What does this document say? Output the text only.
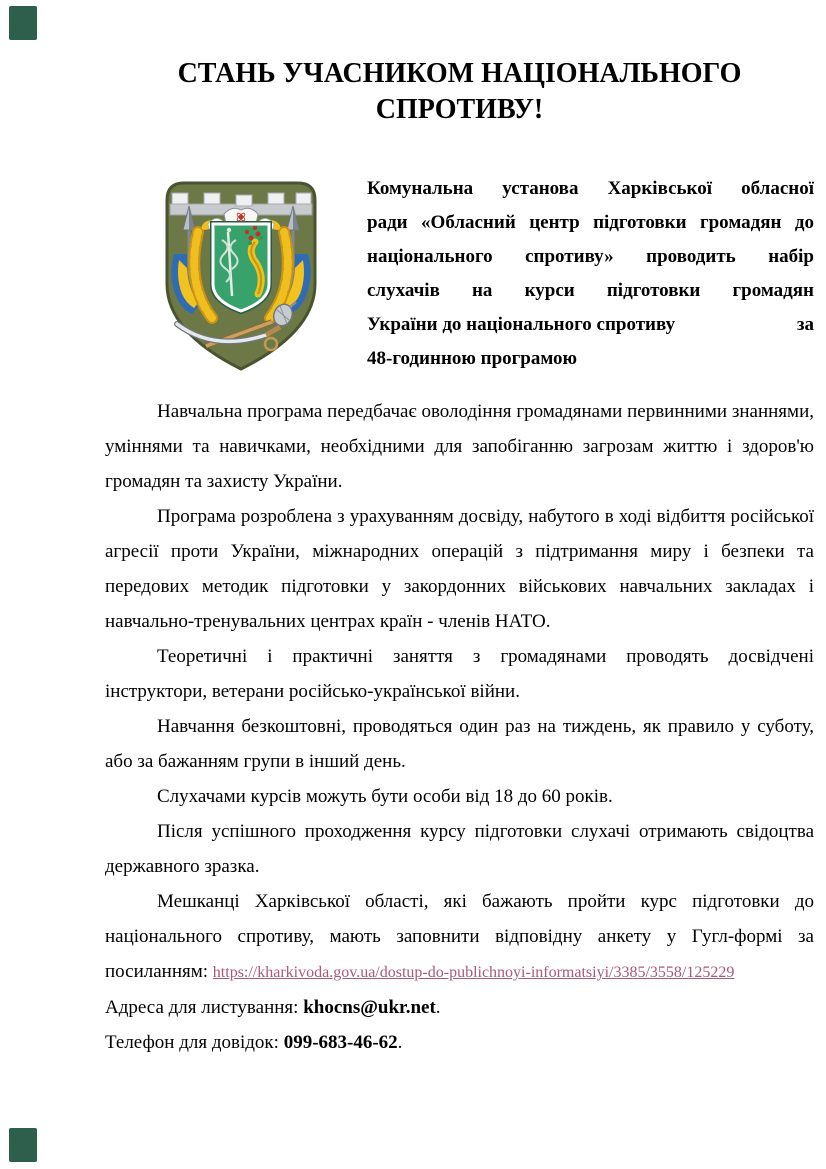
СТАНЬ УЧАСНИКОМ НАЦІОНАЛЬНОГО
СПРОТИВУ!
Комунальна установа Харківської обласної
ради «Обласний центр підготовки громадян до
національного спротиву» проводить набір
слухачів на курси підготовки громадян
України до національного спротиву	за
48-годинною програмою

Навчальна програма передбачає оволодіння громадянами первинними знаннями, уміннями та навичками, необхідними для запобіганню загрозам життю і здоров'ю громадян та захисту України.

Програма розроблена з урахуванням досвіду, набутого в ході відбиття російської агресії проти України, міжнародних операцій з підтримання миру і безпеки та передових методик підготовки у закордонних військових навчальних закладах і навчально-тренувальних центрах країн - членів НАТО.

Теоретичні і практичні заняття з громадянами проводять досвідчені інструктори, ветерани російсько-української війни.

Навчання безкоштовні, проводяться один раз на тиждень, як правило у суботу, або за бажанням групи в інший день.

Слухачами курсів можуть бути особи від 18 до 60 років.

Після успішного проходження курсу підготовки слухачі отримають свідоцтва державного зразка.

Мешканці Харківської області, які бажають пройти курс підготовки до національного спротиву, мають заповнити відповідну анкету у Гугл-формі за посиланням: https://kharkivoda.gov.ua/dostup-do-publichnoyi-informatsiyi/3385/3558/125229

Адреса для листування: khocns@ukr.net.

Телефон для довідок: 099-683-46-62.
